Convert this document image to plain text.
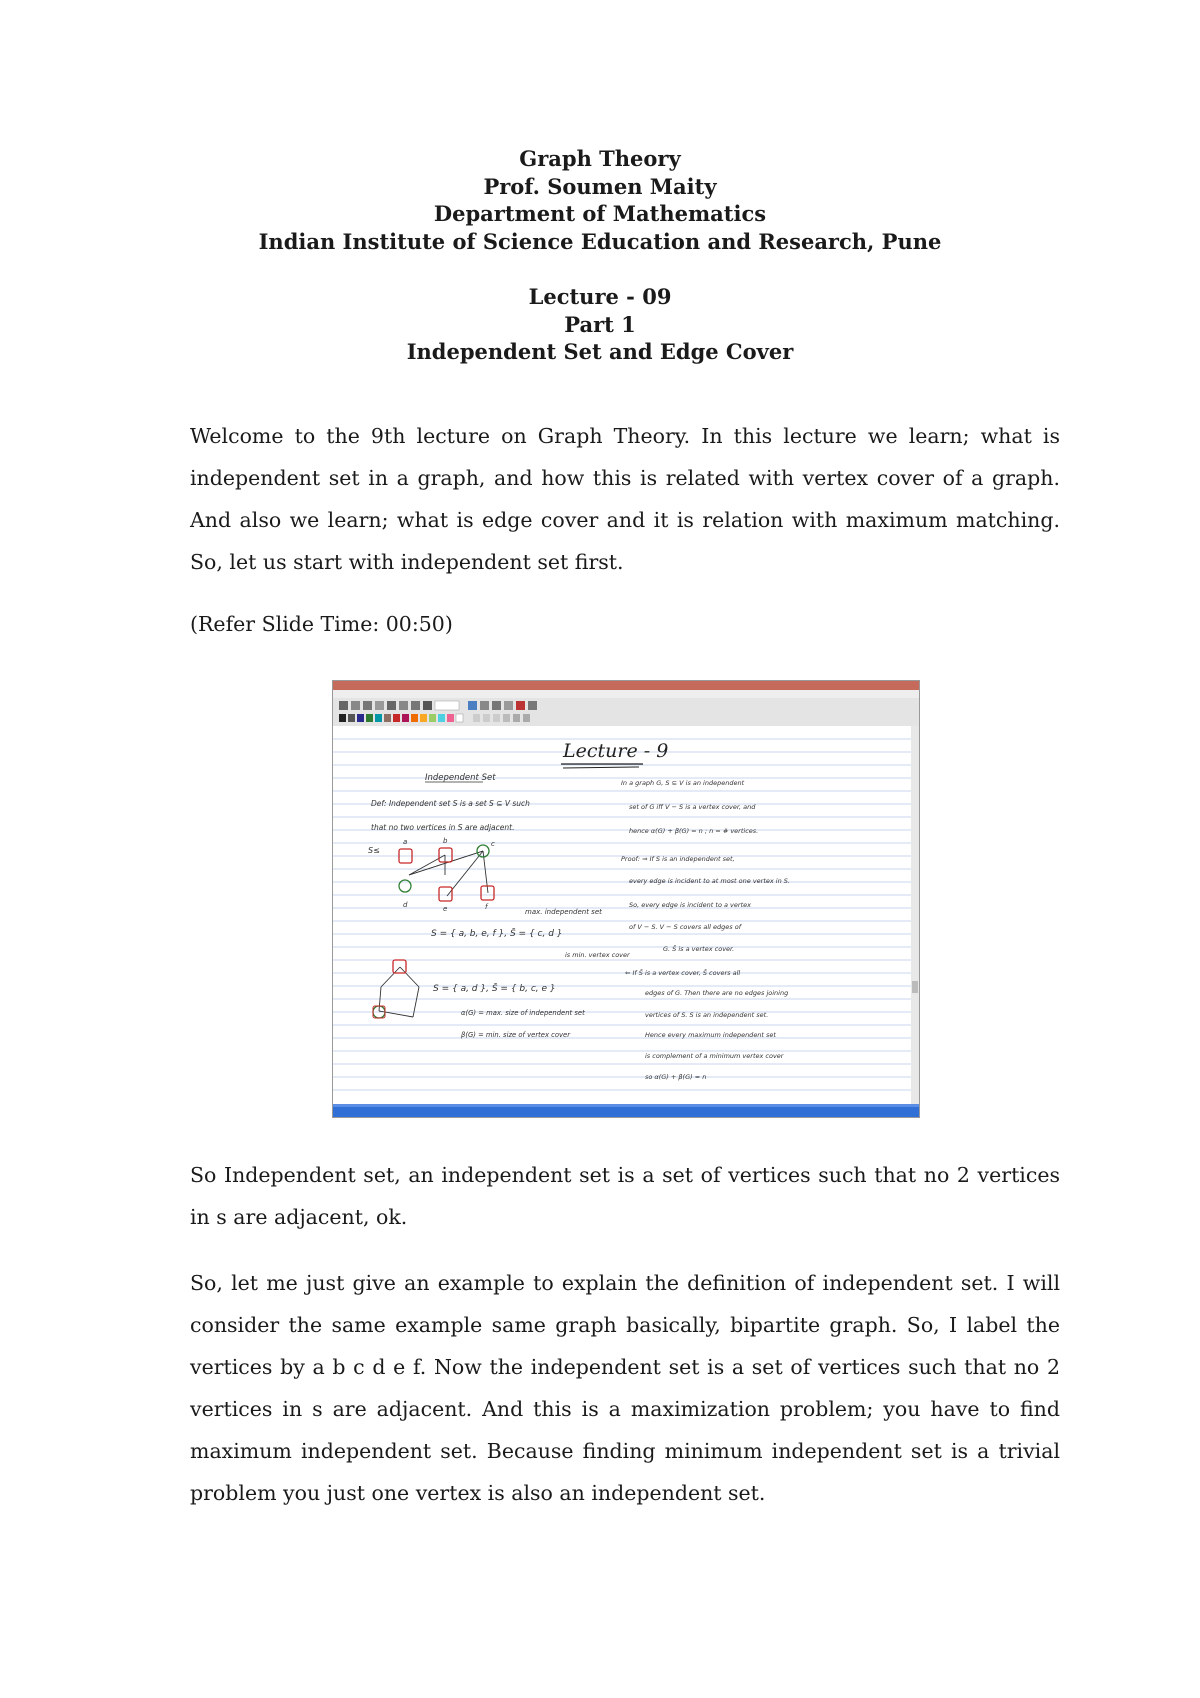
Graph Theory
Prof. Soumen Maity
Department of Mathematics
Indian Institute of Science Education and Research, Pune
Lecture - 09
Part 1
Independent Set and Edge Cover

Welcome to the 9th lecture on Graph Theory. In this lecture we learn; what is independent set in a graph, and how this is related with vertex cover of a graph. And also we learn; what is edge cover and it is relation with maximum matching. So, let us start with independent set first.

(Refer Slide Time: 00:50)
Lecture - 9
Independent Set
Def: Independent set S is a set S ⊆ V such
that no two vertices in S are adjacent.
a	b	c
d	e	f
S≤
max. independent set
S = { a, b, e, f }, S̄ = { c, d }
is min. vertex cover
S = { a, d }, S̄ = { b, c, e }
α(G) = max. size of independent set
β(G) = min. size of vertex cover
In a graph G, S ⊆ V is an independent
set of G iff V − S is a vertex cover, and
hence α(G) + β(G) = n ; n = # vertices.
Proof: ⇒ If S is an independent set,
every edge is incident to at most one vertex in S.
So, every edge is incident to a vertex
of V − S. V − S covers all edges of
G. S̄ is a vertex cover.
⇐ If S̄ is a vertex cover, S̄ covers all
edges of G. Then there are no edges joining
vertices of S. S is an independent set.
Hence every maximum independent set
is complement of a minimum vertex cover
so α(G) + β(G) = n

So Independent set, an independent set is a set of vertices such that no 2 vertices in s are adjacent, ok.

So, let me just give an example to explain the definition of independent set. I will consider the same example same graph basically, bipartite graph. So, I label the vertices by a b c d e f. Now the independent set is a set of vertices such that no 2 vertices in s are adjacent. And this is a maximization problem; you have to find maximum independent set. Because finding minimum independent set is a trivial problem you just one vertex is also an independent set.
